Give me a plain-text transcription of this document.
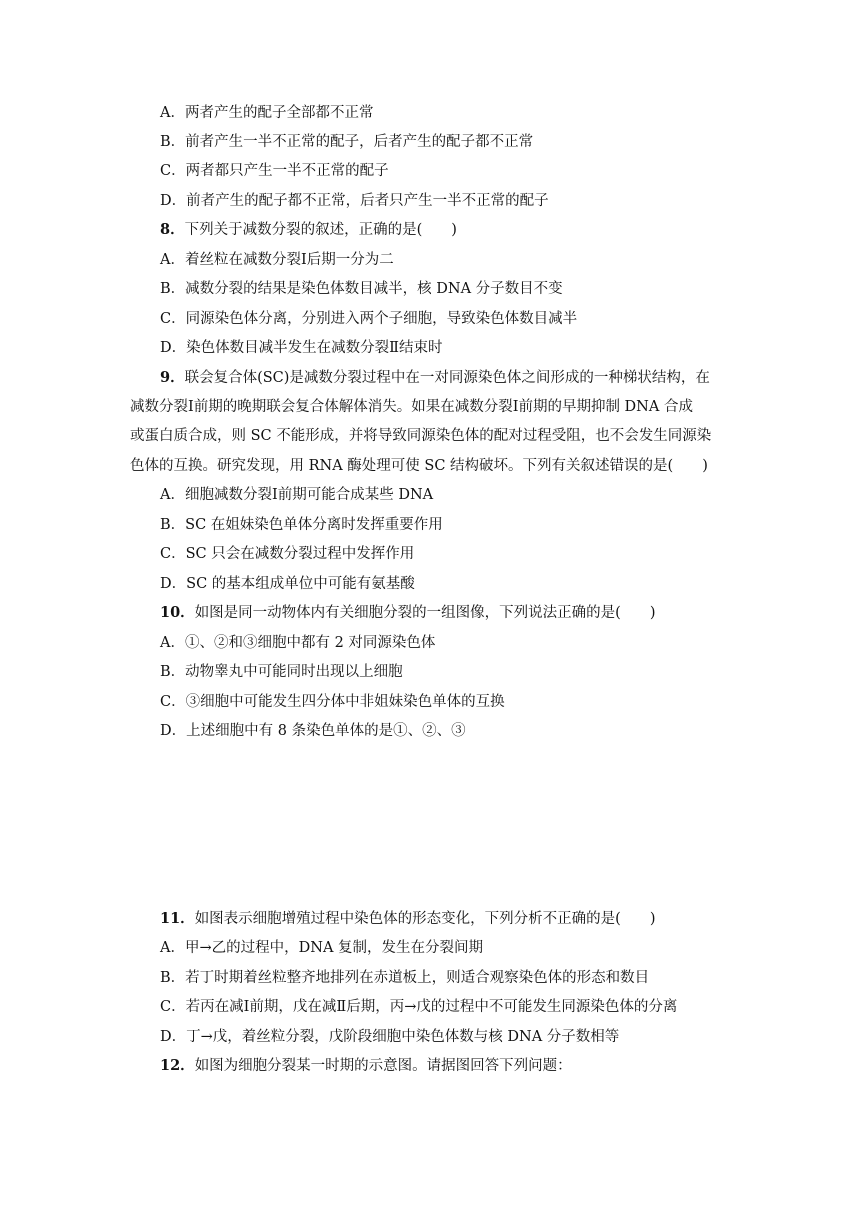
A．两者产生的配子全部都不正常
B．前者产生一半不正常的配子，后者产生的配子都不正常
C．两者都只产生一半不正常的配子
D．前者产生的配子都不正常，后者只产生一半不正常的配子
8．下列关于减数分裂的叙述，正确的是(　　)
A．着丝粒在减数分裂Ⅰ后期一分为二
B．减数分裂的结果是染色体数目减半，核 DNA 分子数目不变
C．同源染色体分离，分别进入两个子细胞，导致染色体数目减半
D．染色体数目减半发生在减数分裂Ⅱ结束时
9．联会复合体(SC)是减数分裂过程中在一对同源染色体之间形成的一种梯状结构，在
减数分裂Ⅰ前期的晚期联会复合体解体消失。如果在减数分裂Ⅰ前期的早期抑制 DNA 合成
或蛋白质合成，则 SC 不能形成，并将导致同源染色体的配对过程受阻，也不会发生同源染
色体的互换。研究发现，用 RNA 酶处理可使 SC 结构破坏。下列有关叙述错误的是(　　)
A．细胞减数分裂Ⅰ前期可能合成某些 DNA
B．SC 在姐妹染色单体分离时发挥重要作用
C．SC 只会在减数分裂过程中发挥作用
D．SC 的基本组成单位中可能有氨基酸
10．如图是同一动物体内有关细胞分裂的一组图像，下列说法正确的是(　　)
A．①、②和③细胞中都有 2 对同源染色体
B．动物睾丸中可能同时出现以上细胞
C．③细胞中可能发生四分体中非姐妹染色单体的互换
D．上述细胞中有 8 条染色单体的是①、②、③
11．如图表示细胞增殖过程中染色体的形态变化，下列分析不正确的是(　　)
A．甲→乙的过程中，DNA 复制，发生在分裂间期
B．若丁时期着丝粒整齐地排列在赤道板上，则适合观察染色体的形态和数目
C．若丙在减Ⅰ前期，戊在减Ⅱ后期，丙→戊的过程中不可能发生同源染色体的分离
D．丁→戊，着丝粒分裂，戊阶段细胞中染色体数与核 DNA 分子数相等
12．如图为细胞分裂某一时期的示意图。请据图回答下列问题：
